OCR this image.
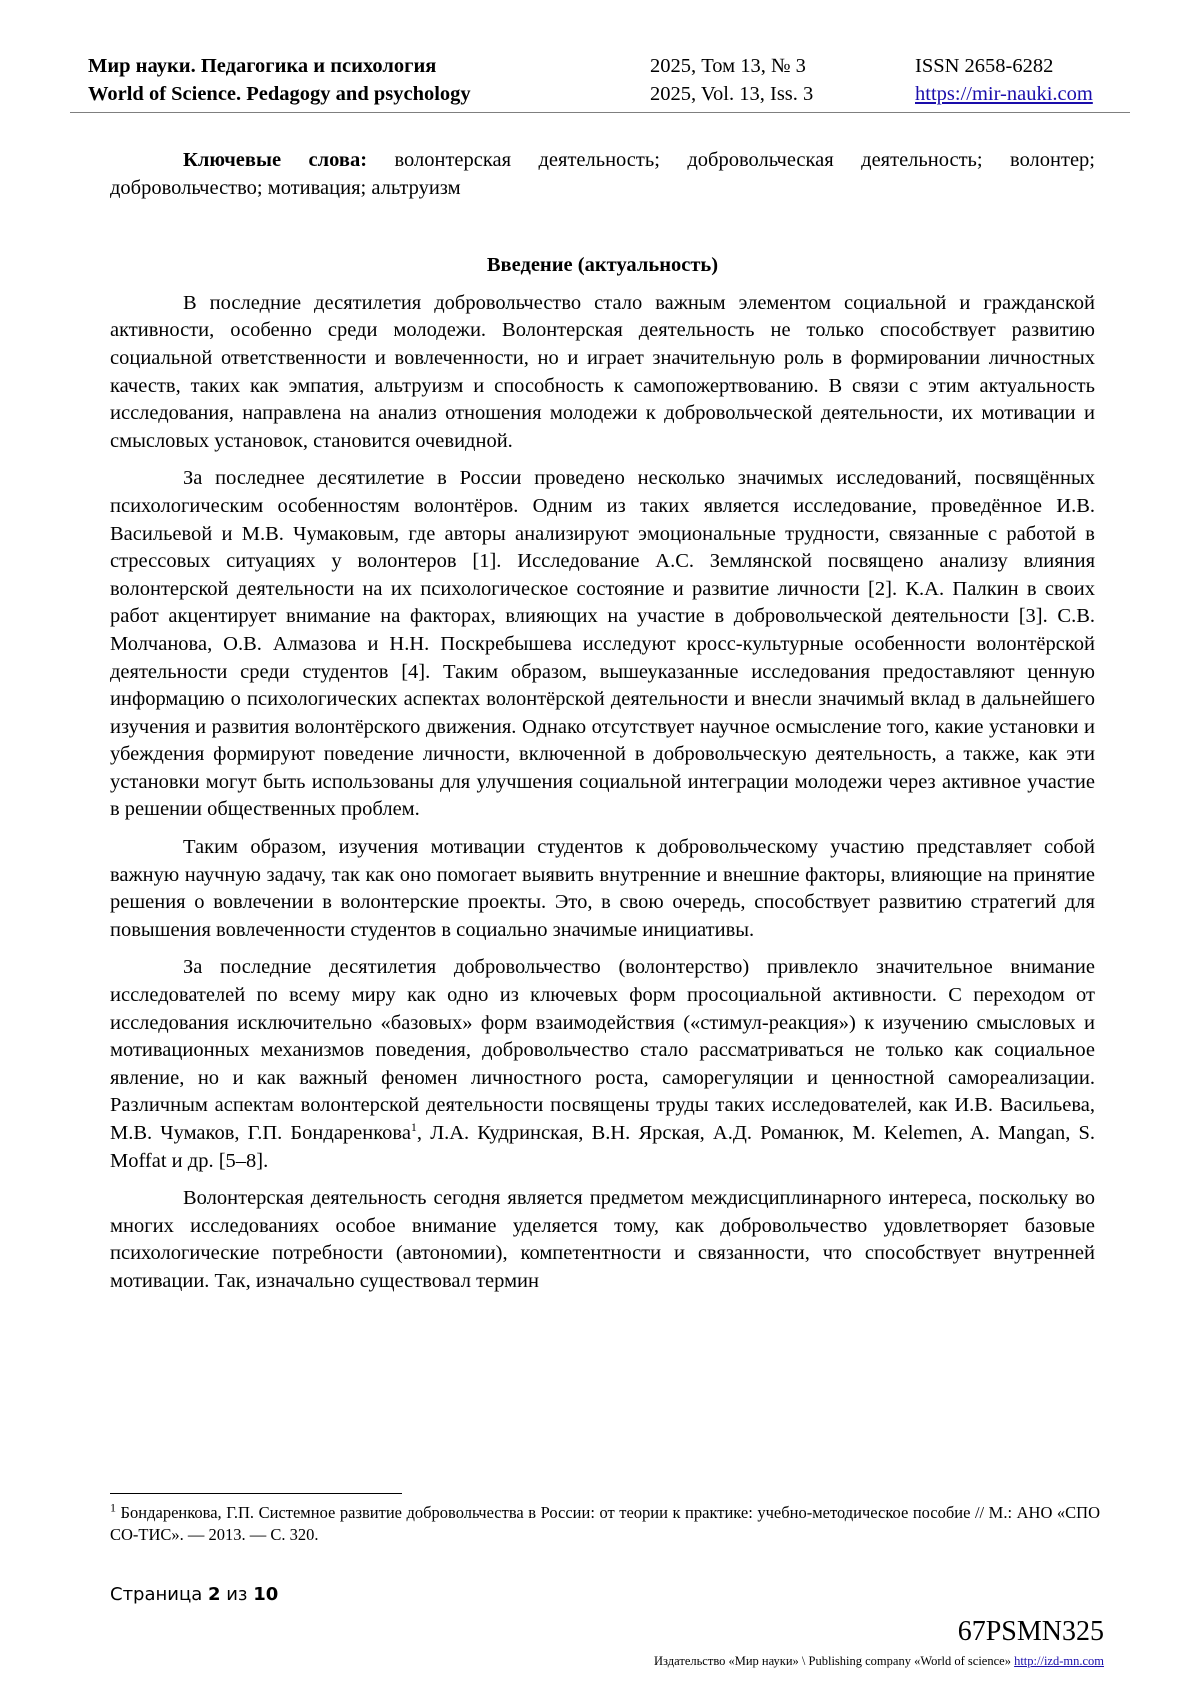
Мир науки. Педагогика и психология
World of Science. Pedagogy and psychology
2025, Том 13, № 3
2025, Vol. 13, Iss. 3
ISSN 2658-6282
https://mir-nauki.com

Ключевые слова: волонтерская деятельность; добровольческая деятельность; волонтер; добровольчество; мотивация; альтруизм

Введение (актуальность)

В последние десятилетия добровольчество стало важным элементом социальной и гражданской активности, особенно среди молодежи. Волонтерская деятельность не только способствует развитию социальной ответственности и вовлеченности, но и играет значительную роль в формировании личностных качеств, таких как эмпатия, альтруизм и способность к самопожертвованию. В связи с этим актуальность исследования, направлена на анализ отношения молодежи к добровольческой деятельности, их мотивации и смысловых установок, становится очевидной.

За последнее десятилетие в России проведено несколько значимых исследований, посвящённых психологическим особенностям волонтёров. Одним из таких является исследование, проведённое И.В. Васильевой и М.В. Чумаковым, где авторы анализируют эмоциональные трудности, связанные с работой в стрессовых ситуациях у волонтеров [1]. Исследование А.С. Землянской посвящено анализу влияния волонтерской деятельности на их психологическое состояние и развитие личности [2]. К.А. Палкин в своих работ акцентирует внимание на факторах, влияющих на участие в добровольческой деятельности [3]. С.В. Молчанова, О.В. Алмазова и Н.Н. Поскребышева исследуют кросс-культурные особенности волонтёрской деятельности среди студентов [4]. Таким образом, вышеуказанные исследования предоставляют ценную информацию о психологических аспектах волонтёрской деятельности и внесли значимый вклад в дальнейшего изучения и развития волонтёрского движения. Однако отсутствует научное осмысление того, какие установки и убеждения формируют поведение личности, включенной в добровольческую деятельность, а также, как эти установки могут быть использованы для улучшения социальной интеграции молодежи через активное участие в решении общественных проблем.

Таким образом, изучения мотивации студентов к добровольческому участию представляет собой важную научную задачу, так как оно помогает выявить внутренние и внешние факторы, влияющие на принятие решения о вовлечении в волонтерские проекты. Это, в свою очередь, способствует развитию стратегий для повышения вовлеченности студентов в социально значимые инициативы.

За последние десятилетия добровольчество (волонтерство) привлекло значительное внимание исследователей по всему миру как одно из ключевых форм просоциальной активности. С переходом от исследования исключительно «базовых» форм взаимодействия («стимул-реакция») к изучению смысловых и мотивационных механизмов поведения, добровольчество стало рассматриваться не только как социальное явление, но и как важный феномен личностного роста, саморегуляции и ценностной самореализации. Различным аспектам волонтерской деятельности посвящены труды таких исследователей, как И.В. Васильева, М.В. Чумаков, Г.П. Бондаренкова$^1$, Л.А. Кудринская, В.Н. Ярская, А.Д. Романюк, M. Kelemen, A. Mangan, S. Moffat и др. [5–8].

Волонтерская деятельность сегодня является предметом междисциплинарного интереса, поскольку во многих исследованиях особое внимание уделяется тому, как добровольчество удовлетворяет базовые психологические потребности (автономии), компетентности и связанности, что способствует внутренней мотивации. Так, изначально существовал термин

$^1$ Бондаренкова, Г.П. Системное развитие добровольчества в России: от теории к практике: учебно-методическое пособие // М.: АНО «СПО СО-ТИС». — 2013. — С. 320.
Страница 2 из 10
67PSMN325
Издательство «Мир науки» \ Publishing company «World of science» http://izd-mn.com
